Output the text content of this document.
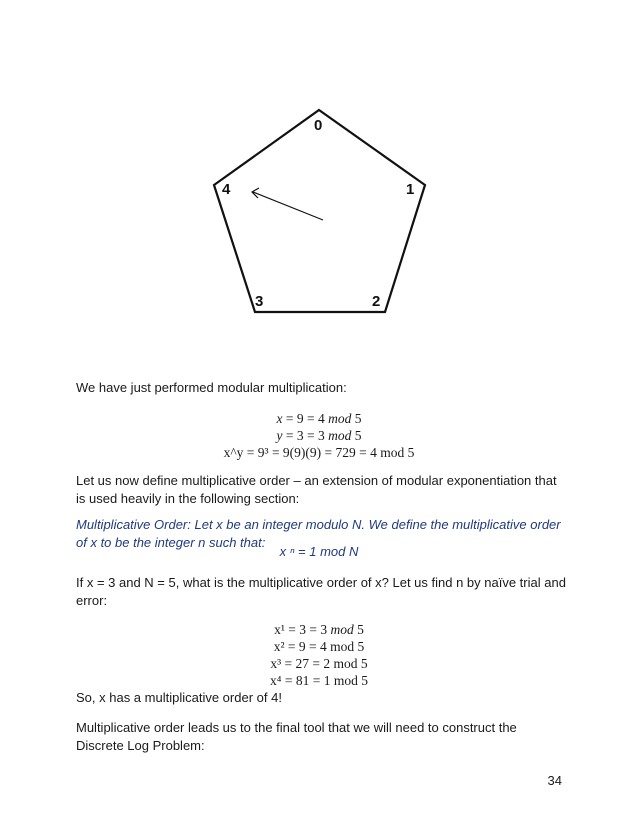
0
1
2
3
4

We have just performed modular multiplication:

x = 9 = 4 mod 5
y = 3 = 3 mod 5
x^y = 9³ = 9(9)(9) = 729 = 4 mod 5

Let us now define multiplicative order – an extension of modular exponentiation that is used heavily in the following section:

Multiplicative Order: Let x be an integer modulo N. We define the multiplicative order of x to be the integer n such that:

x ⁿ = 1 mod N

If x = 3 and N = 5, what is the multiplicative order of x? Let us find n by naïve trial and error:

x¹ = 3 = 3 mod 5
x² = 9 = 4 mod 5
x³ = 27 = 2 mod 5
x⁴ = 81 = 1 mod 5

So, x has a multiplicative order of 4!

Multiplicative order leads us to the final tool that we will need to construct the Discrete Log Problem:

34
